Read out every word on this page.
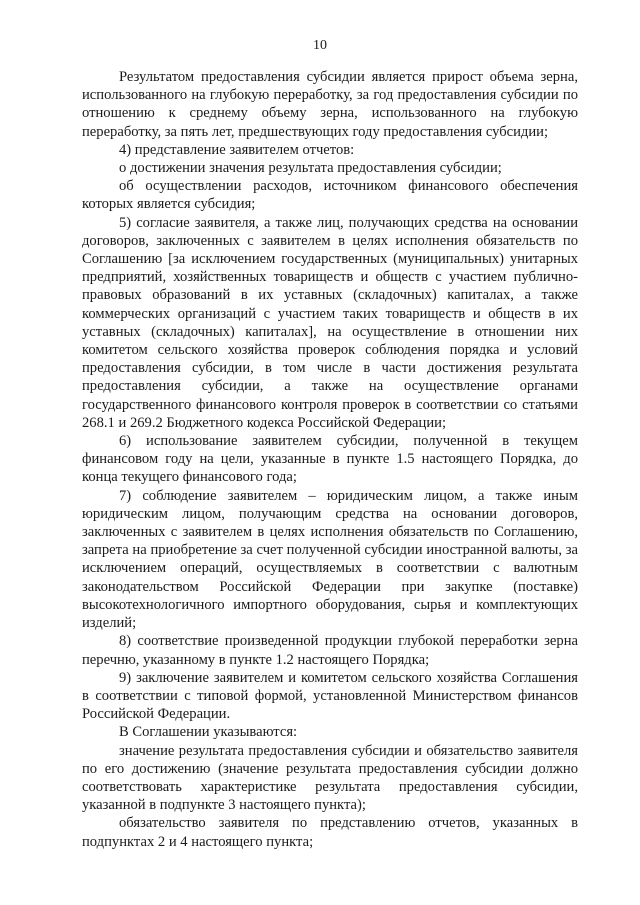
10

Результатом предоставления субсидии является прирост объема зерна, использованного на глубокую переработку, за год предоставления субсидии по отношению к среднему объему зерна, использованного на глубокую переработку, за пять лет, предшествующих году предоставления субсидии;

4) представление заявителем отчетов:

о достижении значения результата предоставления субсидии;

об осуществлении расходов, источником финансового обеспечения которых является субсидия;

5) согласие заявителя, а также лиц, получающих средства на основании договоров, заключенных с заявителем в целях исполнения обязательств по Соглашению [за исключением государственных (муниципальных) унитарных предприятий, хозяйственных товариществ и обществ с участием публично-правовых образований в их уставных (складочных) капиталах, а также коммерческих организаций с участием таких товариществ и обществ в их уставных (складочных) капиталах], на осуществление в отношении них комитетом сельского хозяйства проверок соблюдения порядка и условий предоставления субсидии, в том числе в части достижения результата предоставления субсидии, а также на осуществление органами государственного финансового контроля проверок в соответствии со статьями 268.1 и 269.2 Бюджетного кодекса Российской Федерации;

6) использование заявителем субсидии, полученной в текущем финансовом году на цели, указанные в пункте 1.5 настоящего Порядка, до конца текущего финансового года;

7) соблюдение заявителем – юридическим лицом, а также иным юридическим лицом, получающим средства на основании договоров, заключенных с заявителем в целях исполнения обязательств по Соглашению, запрета на приобретение за счет полученной субсидии иностранной валюты, за исключением операций, осуществляемых в соответствии с валютным законодательством Российской Федерации при закупке (поставке) высокотехнологичного импортного оборудования, сырья и комплектующих изделий;

8) соответствие произведенной продукции глубокой переработки зерна перечню, указанному в пункте 1.2 настоящего Порядка;

9) заключение заявителем и комитетом сельского хозяйства Соглашения в соответствии с типовой формой, установленной Министерством финансов Российской Федерации.

В Соглашении указываются:

значение результата предоставления субсидии и обязательство заявителя по его достижению (значение результата предоставления субсидии должно соответствовать характеристике результата предоставления субсидии, указанной в подпункте 3 настоящего пункта);

обязательство заявителя по представлению отчетов, указанных в подпунктах 2 и 4 настоящего пункта;
